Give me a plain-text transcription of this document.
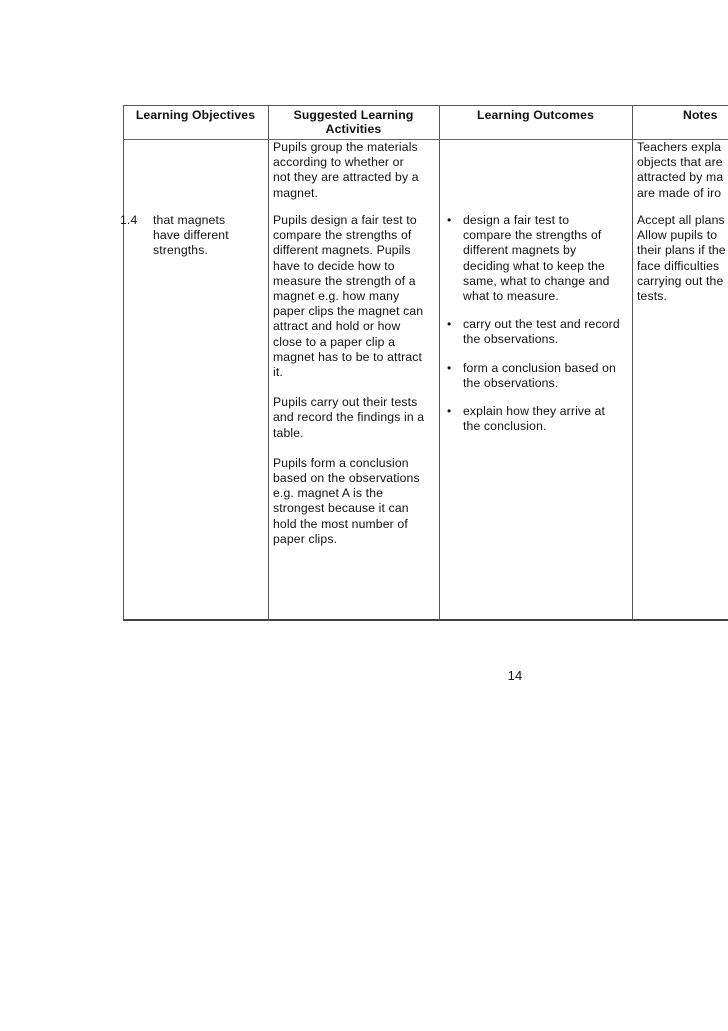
Learning Objectives	Suggested Learning
Activities
Learning Outcomes	Notes
Pupils group the materials
according to whether or
not they are attracted by a
magnet.
Teachers expla
objects that are
attracted by ma
are made of iro
1.4 that magnets
have different
strengths.

Pupils design a fair test to
compare the strengths of
different magnets. Pupils
have to decide how to
measure the strength of a
magnet e.g. how many
paper clips the magnet can
attract and hold or how
close to a paper clip a
magnet has to be to attract
it.

Pupils carry out their tests
and record the findings in a
table.

Pupils form a conclusion
based on the observations
e.g. magnet A is the
strongest because it can
hold the most number of
paper clips.

• design a fair test to
compare the strengths of
different magnets by
deciding what to keep the
same, what to change and
what to measure.
• carry out the test and record
the observations.
• form a conclusion based on
the observations.
• explain how they arrive at
the conclusion.
Accept all plans
Allow pupils to
their plans if the
face difficulties
carrying out the
tests.
14
